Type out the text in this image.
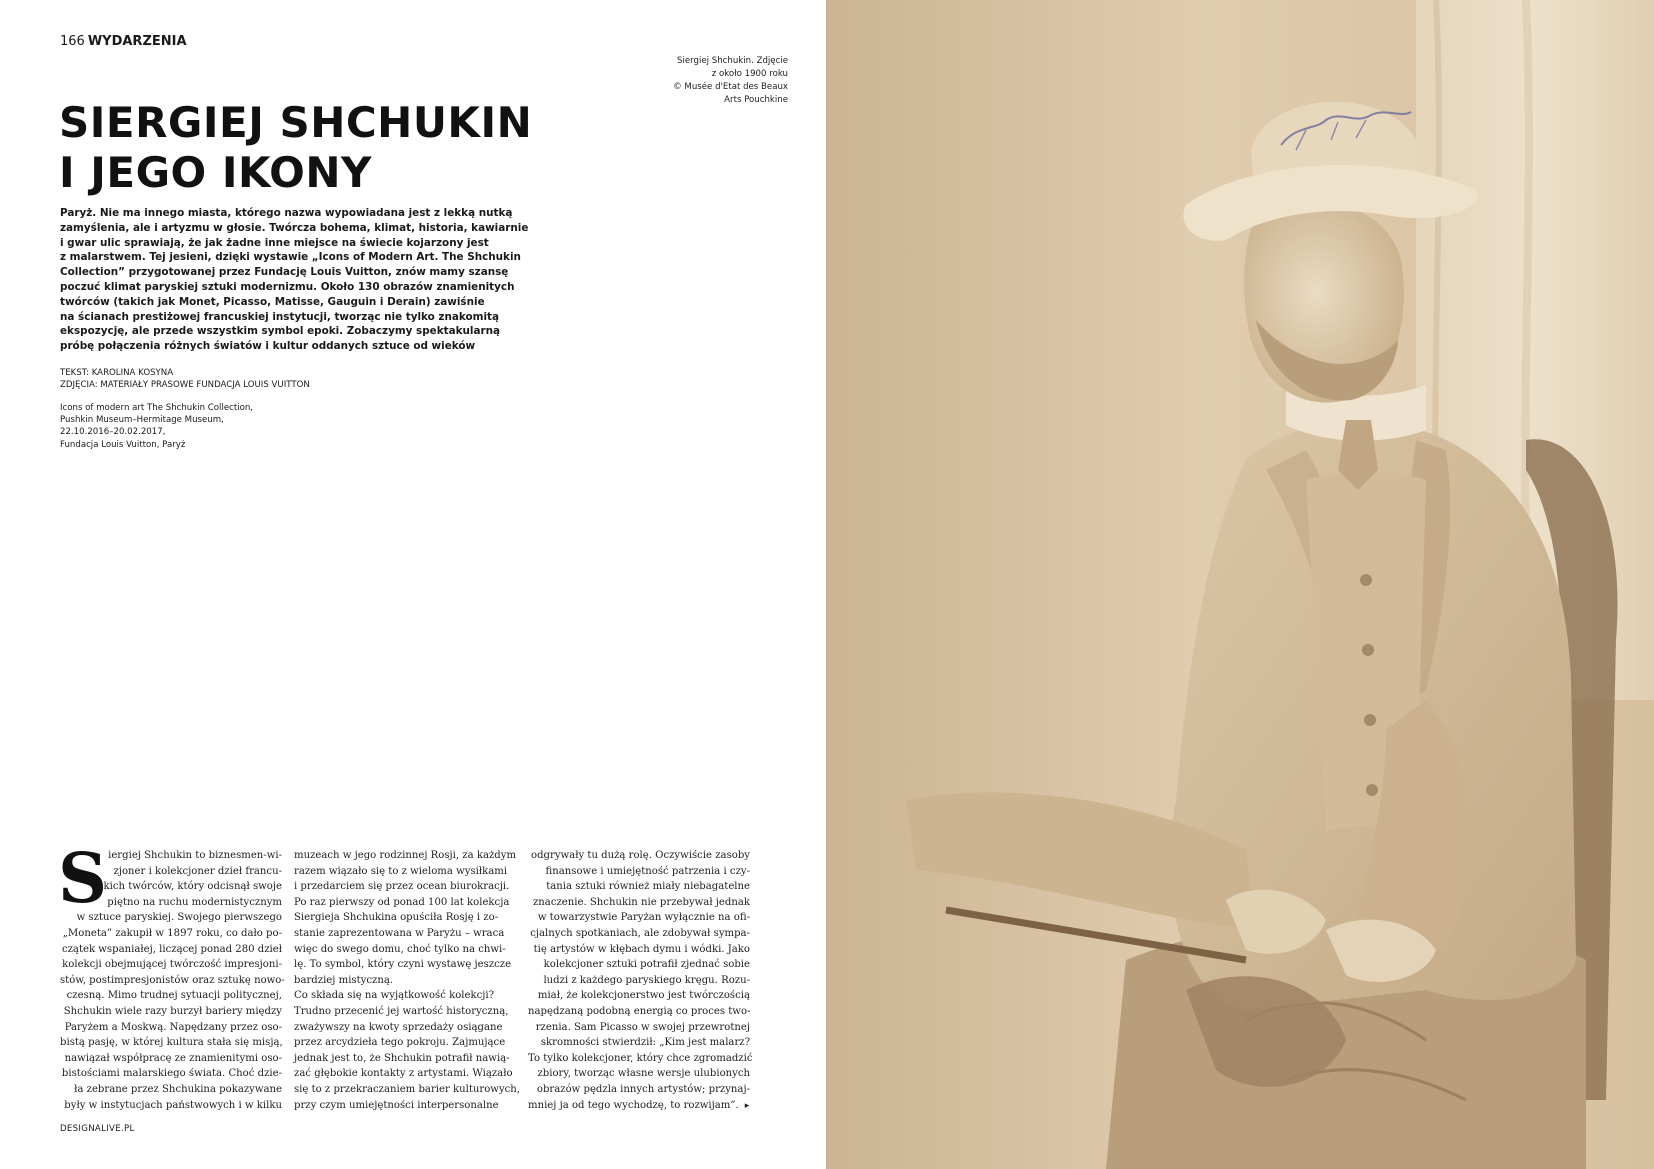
166 WYDARZENIA
Siergiej Shchukin. Zdjęcie
z około 1900 roku
© Musée d'Etat des Beaux
Arts Pouchkine
SIERGIEJ SHCHUKIN
I JEGO IKONY
Paryż. Nie ma innego miasta, którego nazwa wypowiadana jest z lekką nutką
zamyślenia, ale i artyzmu w głosie. Twórcza bohema, klimat, historia, kawiarnie
i gwar ulic sprawiają, że jak żadne inne miejsce na świecie kojarzony jest
z malarstwem. Tej jesieni, dzięki wystawie „Icons of Modern Art. The Shchukin
Collection” przygotowanej przez Fundację Louis Vuitton, znów mamy szansę
poczuć klimat paryskiej sztuki modernizmu. Około 130 obrazów znamienitych
twórców (takich jak Monet, Picasso, Matisse, Gauguin i Derain) zawiśnie
na ścianach prestiżowej francuskiej instytucji, tworząc nie tylko znakomitą
ekspozycję, ale przede wszystkim symbol epoki. Zobaczymy spektakularną
próbę połączenia różnych światów i kultur oddanych sztuce od wieków
TEKST: KAROLINA KOSYNA
ZDJĘCIA: MATERIAŁY PRASOWE FUNDACJA LOUIS VUITTON
Icons of modern art The Shchukin Collection,
Pushkin Museum–Hermitage Museum,
22.10.2016–20.02.2017,
Fundacja Louis Vuitton, Paryż
S iergiej Shchukin to biznesmen-wi-
zjoner i kolekcjoner dzieł francu-
skich twórców, który odcisnął swoje
piętno na ruchu modernistycznym
w sztuce paryskiej. Swojego pierwszego
„Moneta” zakupił w 1897 roku, co dało po-
czątek wspaniałej, liczącej ponad 280 dzieł
kolekcji obejmującej twórczość impresjoni-
stów, postimpresjonistów oraz sztukę nowo-
czesną. Mimo trudnej sytuacji politycznej,
Shchukin wiele razy burzył bariery między
Paryżem a Moskwą. Napędzany przez oso-
bistą pasję, w której kultura stała się misją,
nawiązał współpracę ze znamienitymi oso-
bistościami malarskiego świata. Choć dzie-
ła zebrane przez Shchukina pokazywane
były w instytucjach państwowych i w kilku
muzeach w jego rodzinnej Rosji, za każdym
razem wiązało się to z wieloma wysiłkami
i przedarciem się przez ocean biurokracji.
Po raz pierwszy od ponad 100 lat kolekcja
Siergieja Shchukina opuściła Rosję i zo-
stanie zaprezentowana w Paryżu – wraca
więc do swego domu, choć tylko na chwi-
lę. To symbol, który czyni wystawę jeszcze
bardziej mistyczną.
Co składa się na wyjątkowość kolekcji?
Trudno przecenić jej wartość historyczną,
zważywszy na kwoty sprzedaży osiągane
przez arcydzieła tego pokroju. Zajmujące
jednak jest to, że Shchukin potrafił nawią-
zać głębokie kontakty z artystami. Wiązało
się to z przekraczaniem barier kulturowych,
przy czym umiejętności interpersonalne
odgrywały tu dużą rolę. Oczywiście zasoby
finansowe i umiejętność patrzenia i czy-
tania sztuki również miały niebagatelne
znaczenie. Shchukin nie przebywał jednak
w towarzystwie Paryżan wyłącznie na ofi-
cjalnych spotkaniach, ale zdobywał sympa-
tię artystów w kłębach dymu i wódki. Jako
kolekcjoner sztuki potrafił zjednać sobie
ludzi z każdego paryskiego kręgu. Rozu-
miał, że kolekcjonerstwo jest twórczością
napędzaną podobną energią co proces two-
rzenia. Sam Picasso w swojej przewrotnej
skromności stwierdził: „Kim jest malarz?
To tylko kolekcjoner, który chce zgromadzić
zbiory, tworząc własne wersje ulubionych
obrazów pędzla innych artystów; przynaj-
mniej ja od tego wychodzę, to rozwijam”. ▸
DESIGNALIVE.PL
